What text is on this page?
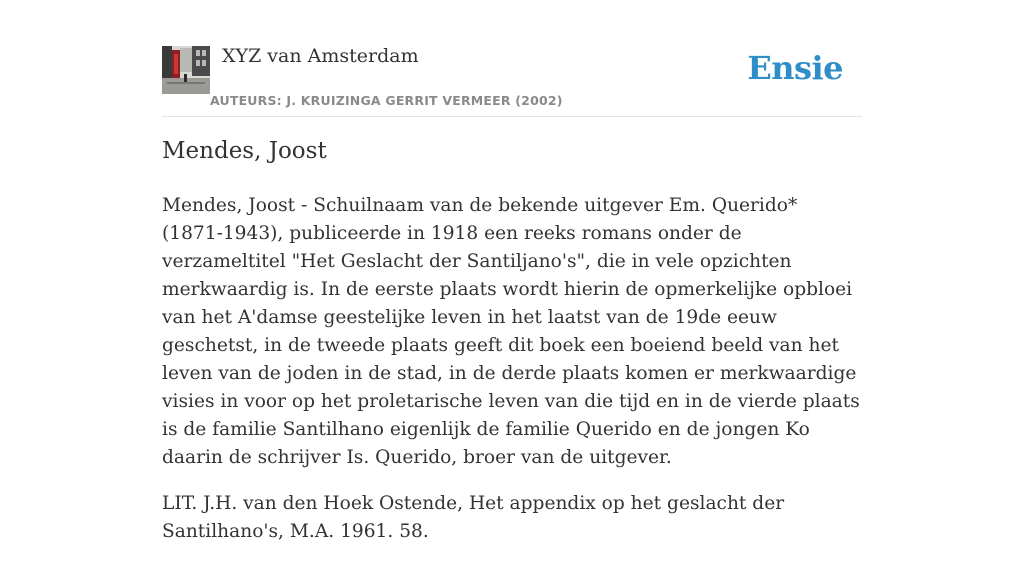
XYZ van Amsterdam
AUTEURS: J. KRUIZINGA GERRIT VERMEER (2002)
Ensie
Mendes, Joost

Mendes, Joost - Schuilnaam van de bekende uitgever Em. Querido* (1871-1943), publiceerde in 1918 een reeks romans onder de verzameltitel "Het Geslacht der Santiljano's", die in vele opzichten merkwaardig is. In de eerste plaats wordt hierin de opmerkelijke opbloei van het A'damse geestelijke leven in het laatst van de 19de eeuw geschetst, in de tweede plaats geeft dit boek een boeiend beeld van het leven van de joden in de stad, in de derde plaats komen er merkwaardige visies in voor op het proletarische leven van die tijd en in de vierde plaats is de familie Santilhano eigenlijk de familie Querido en de jongen Ko daarin de schrijver Is. Querido, broer van de uitgever.

LIT. J.H. van den Hoek Ostende, Het appendix op het geslacht der Santilhano's, M.A. 1961. 58.
